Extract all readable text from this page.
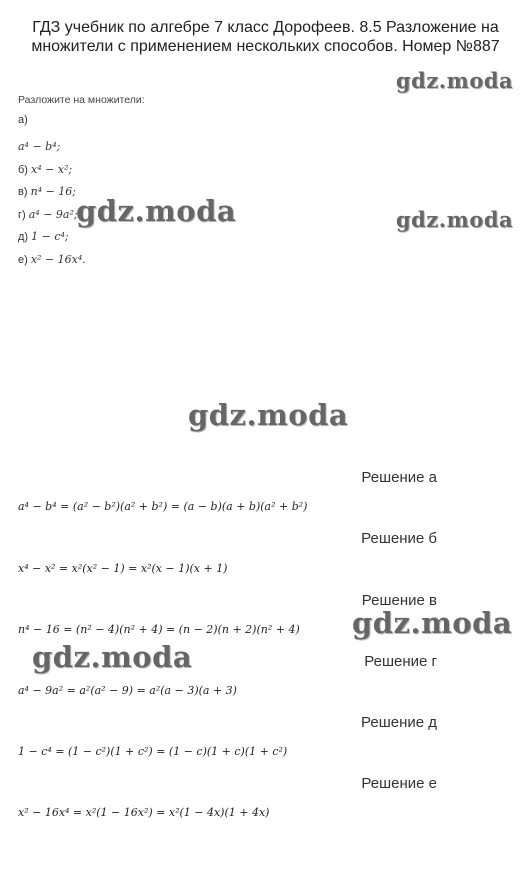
ГДЗ учебник по алгебре 7 класс Дорофеев. 8.5 Разложение на множители с применением нескольких способов. Номер №887
gdz.moda
gdz.moda
gdz.moda
gdz.moda
gdz.moda
gdz.moda
Разложите на множители:
а)
a⁴ − b⁴;
б) x⁴ − x²;
в) n⁴ − 16;
г) a⁴ − 9a²;
д) 1 − c⁴;
е) x² − 16x⁴.
Решение а
a⁴ − b⁴ = (a² − b²)(a² + b²) = (a − b)(a + b)(a² + b²)
Решение б
x⁴ − x² = x²(x² − 1) = x²(x − 1)(x + 1)
Решение в
n⁴ − 16 = (n² − 4)(n² + 4) = (n − 2)(n + 2)(n² + 4)
Решение г
a⁴ − 9a² = a²(a² − 9) = a²(a − 3)(a + 3)
Решение д
1 − c⁴ = (1 − c²)(1 + c²) = (1 − c)(1 + c)(1 + c²)
Решение е
x² − 16x⁴ = x²(1 − 16x²) = x²(1 − 4x)(1 + 4x)
